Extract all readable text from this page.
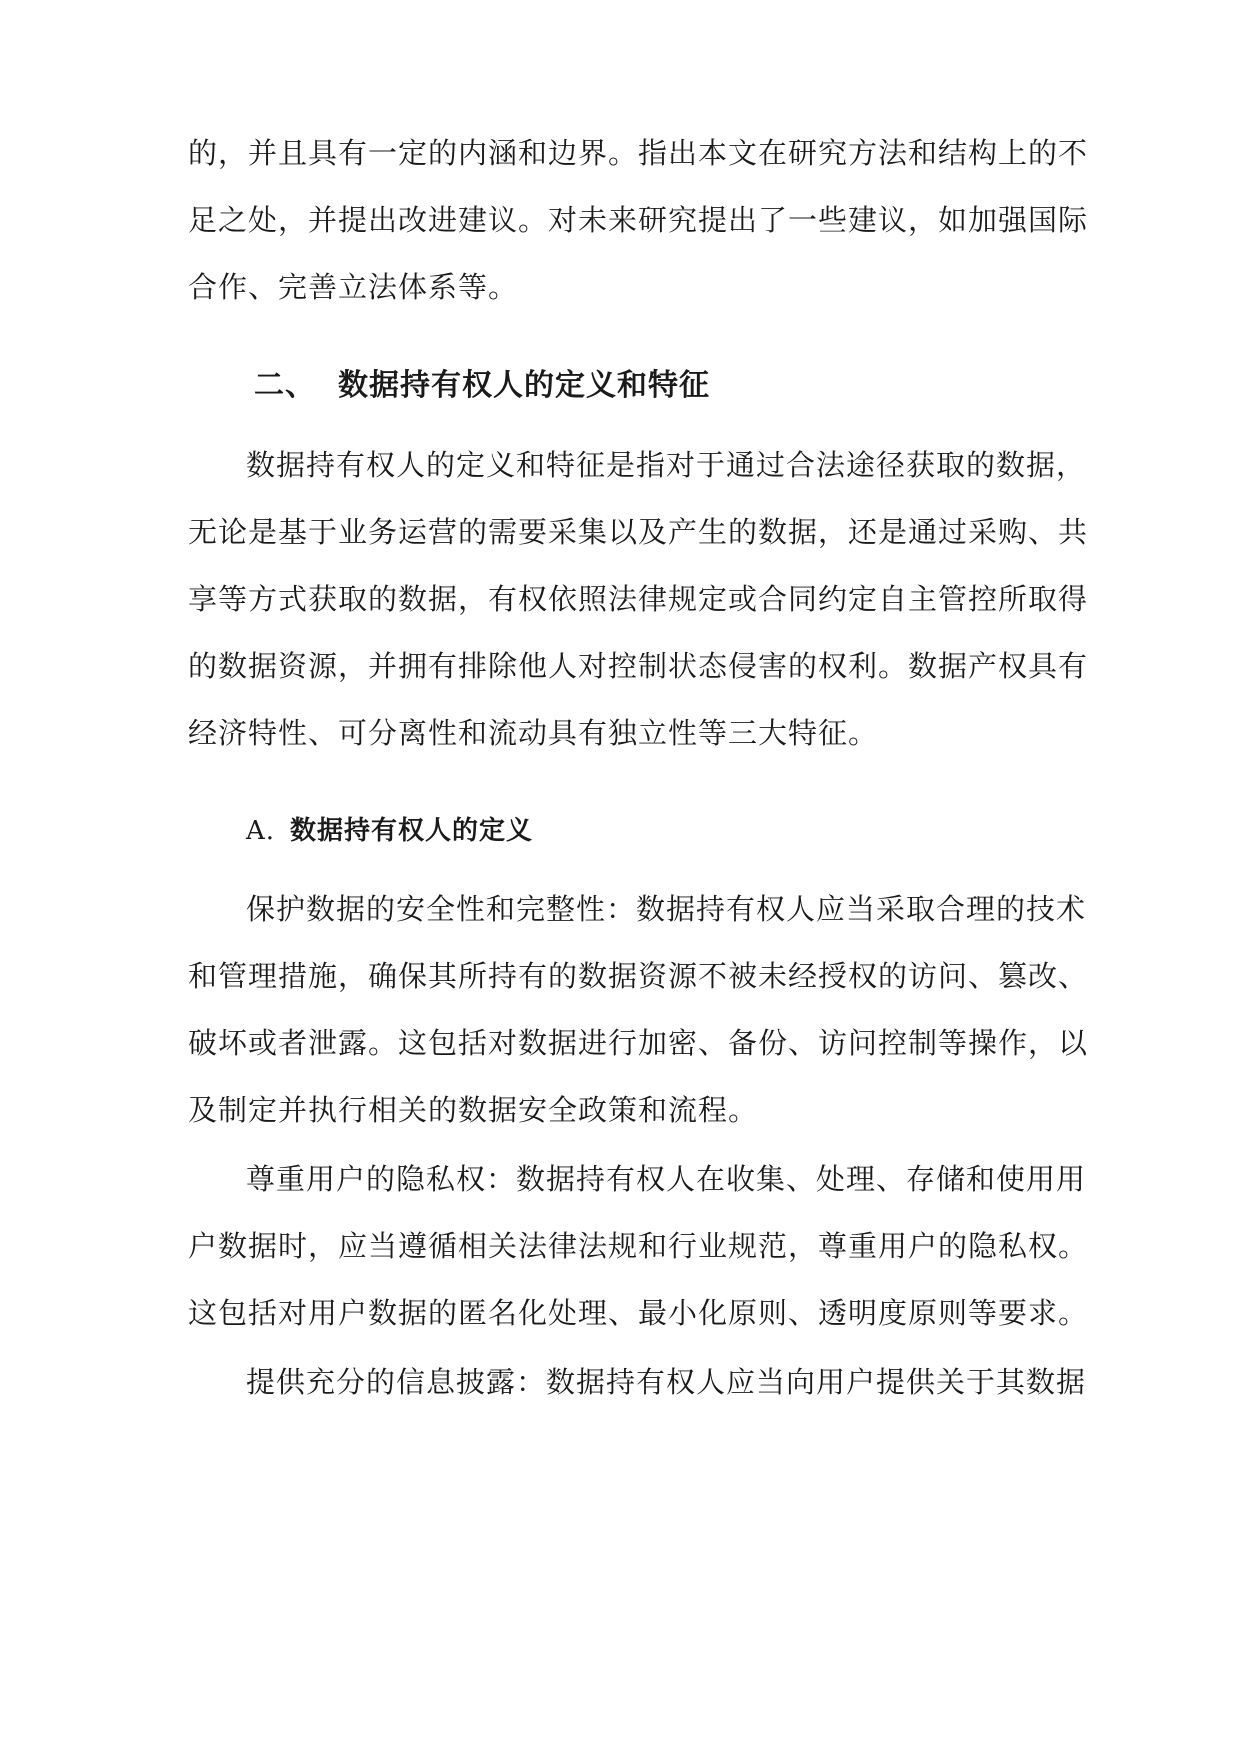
的，并且具有一定的内涵和边界。指出本文在研究方法和结构上的不
足之处，并提出改进建议。对未来研究提出了一些建议，如加强国际
合作、完善立法体系等。
二、 数据持有权人的定义和特征
数据持有权人的定义和特征是指对于通过合法途径获取的数据，
无论是基于业务运营的需要采集以及产生的数据，还是通过采购、共
享等方式获取的数据，有权依照法律规定或合同约定自主管控所取得
的数据资源，并拥有排除他人对控制状态侵害的权利。数据产权具有
经济特性、可分离性和流动具有独立性等三大特征。
A. 数据持有权人的定义
保护数据的安全性和完整性：数据持有权人应当采取合理的技术
和管理措施，确保其所持有的数据资源不被未经授权的访问、篡改、
破坏或者泄露。这包括对数据进行加密、备份、访问控制等操作，以
及制定并执行相关的数据安全政策和流程。
尊重用户的隐私权：数据持有权人在收集、处理、存储和使用用
户数据时，应当遵循相关法律法规和行业规范，尊重用户的隐私权。
这包括对用户数据的匿名化处理、最小化原则、透明度原则等要求。
提供充分的信息披露：数据持有权人应当向用户提供关于其数据
